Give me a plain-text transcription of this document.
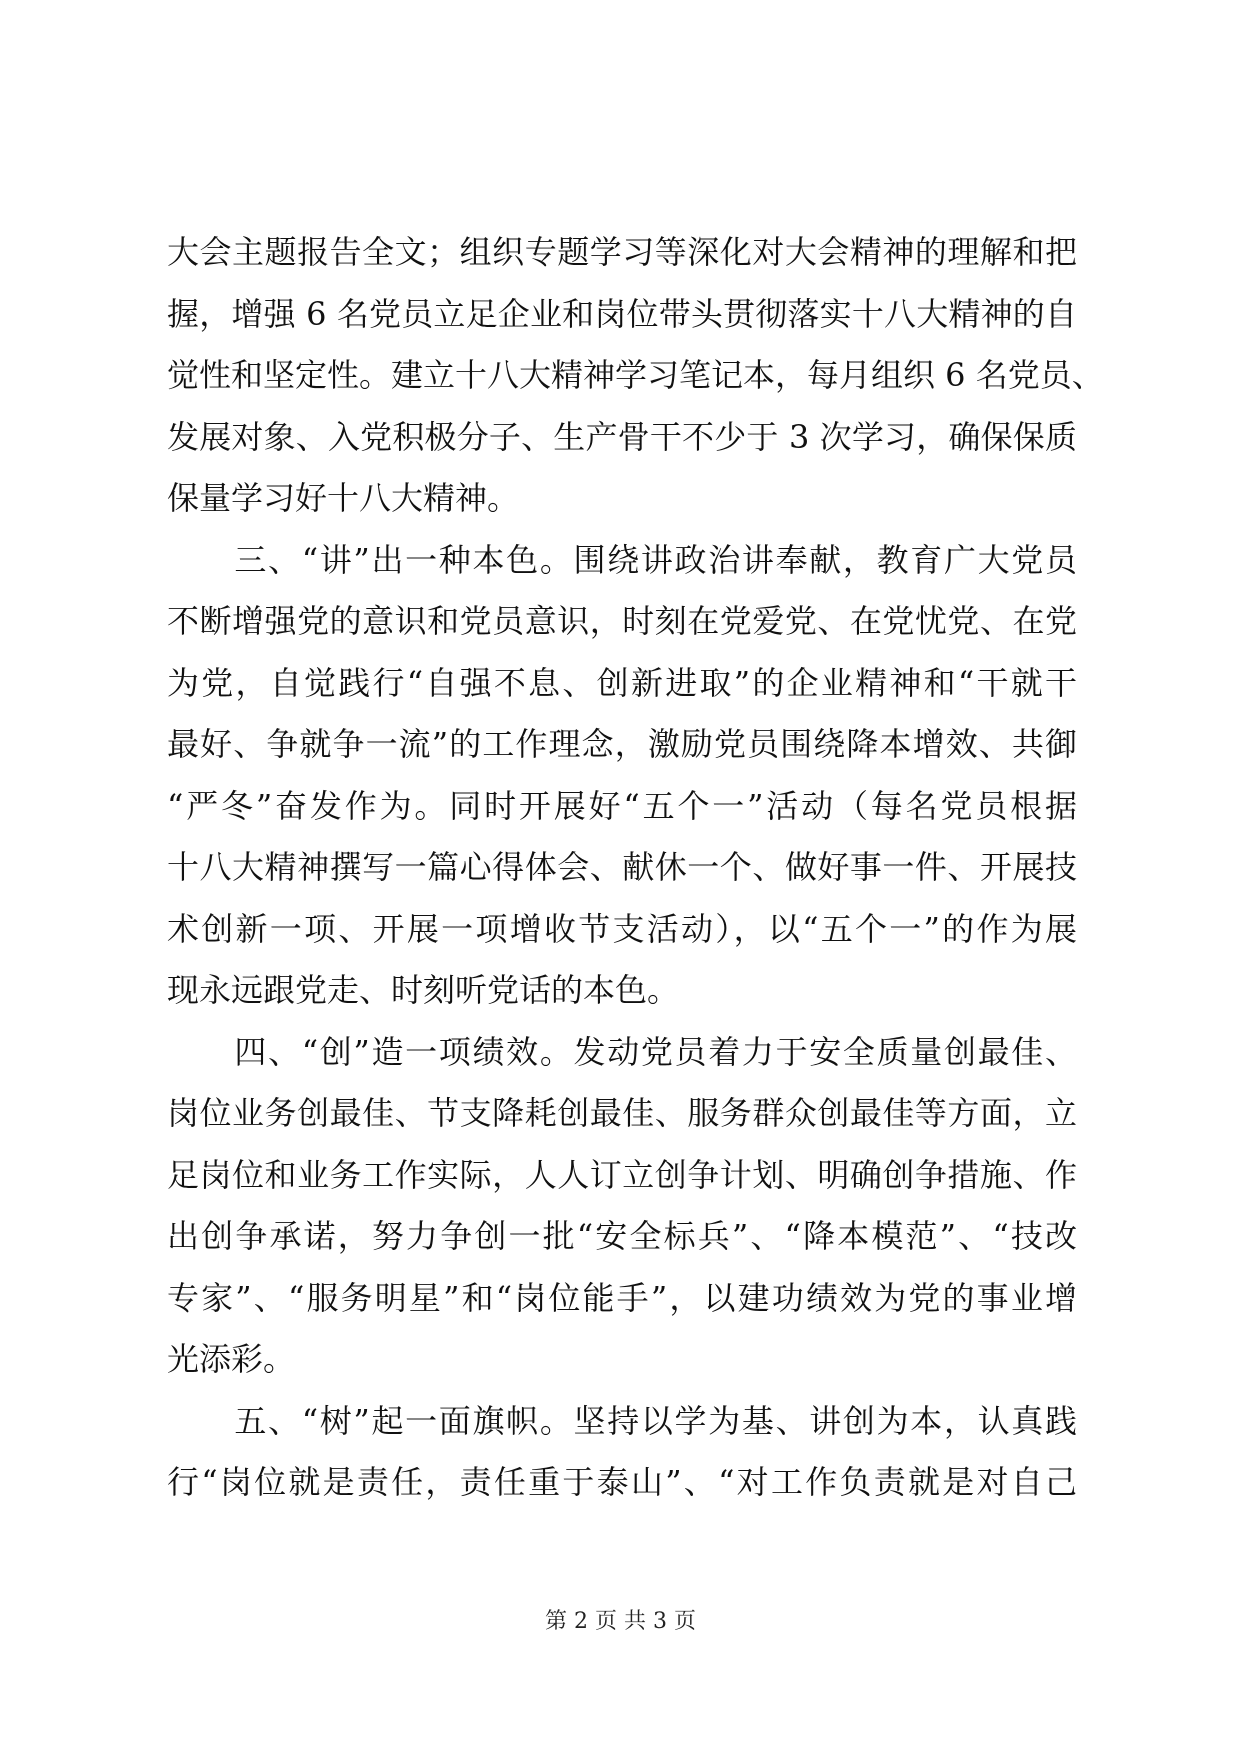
大会主题报告全文；组织专题学习等深化对大会精神的理解和把
握，增强 6 名党员立足企业和岗位带头贯彻落实十八大精神的自
觉性和坚定性。建立十八大精神学习笔记本，每月组织 6 名党员、
发展对象、入党积极分子、生产骨干不少于 3 次学习，确保保质
保量学习好十八大精神。
　　三、“讲”出一种本色。围绕讲政治讲奉献，教育广大党员
不断增强党的意识和党员意识，时刻在党爱党、在党忧党、在党
为党，自觉践行“自强不息、创新进取”的企业精神和“干就干
最好、争就争一流”的工作理念，激励党员围绕降本增效、共御
“严冬”奋发作为。同时开展好“五个一”活动（每名党员根据
十八大精神撰写一篇心得体会、献休一个、做好事一件、开展技
术创新一项、开展一项增收节支活动），以“五个一”的作为展
现永远跟党走、时刻听党话的本色。
　　四、“创”造一项绩效。发动党员着力于安全质量创最佳、
岗位业务创最佳、节支降耗创最佳、服务群众创最佳等方面，立
足岗位和业务工作实际，人人订立创争计划、明确创争措施、作
出创争承诺，努力争创一批“安全标兵”、“降本模范”、“技改
专家”、“服务明星”和“岗位能手”，以建功绩效为党的事业增
光添彩。
　　五、“树”起一面旗帜。坚持以学为基、讲创为本，认真践
行“岗位就是责任，责任重于泰山”、“对工作负责就是对自己
第 2 页 共 3 页
